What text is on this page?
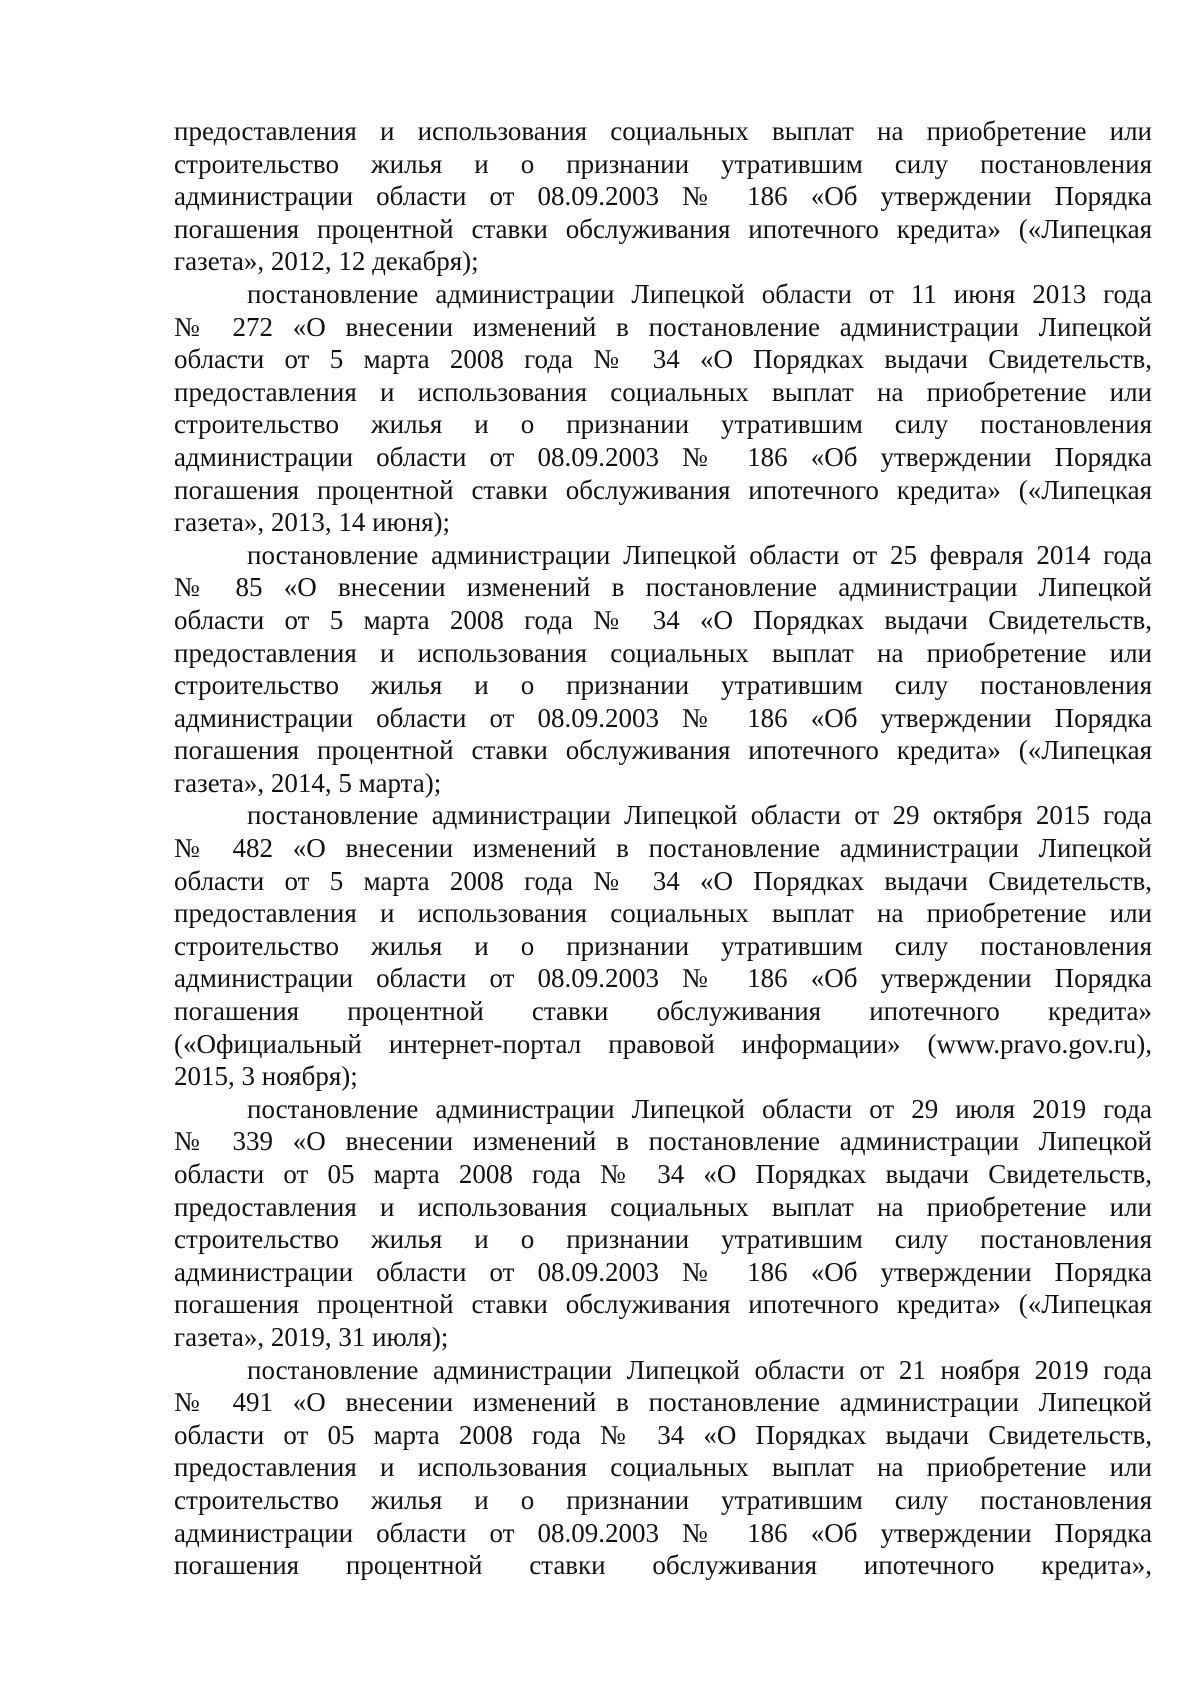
предоставления и использования социальных выплат на приобретение или
строительство жилья и о признании утратившим силу постановления
администрации области от 08.09.2003 № 186 «Об утверждении Порядка
погашения процентной ставки обслуживания ипотечного кредита» («Липецкая
газета», 2012, 12 декабря);
постановление администрации Липецкой области от 11 июня 2013 года
№ 272 «О внесении изменений в постановление администрации Липецкой
области от 5 марта 2008 года № 34 «О Порядках выдачи Свидетельств,
предоставления и использования социальных выплат на приобретение или
строительство жилья и о признании утратившим силу постановления
администрации области от 08.09.2003 № 186 «Об утверждении Порядка
погашения процентной ставки обслуживания ипотечного кредита» («Липецкая
газета», 2013, 14 июня);
постановление администрации Липецкой области от 25 февраля 2014 года
№ 85 «О внесении изменений в постановление администрации Липецкой
области от 5 марта 2008 года № 34 «О Порядках выдачи Свидетельств,
предоставления и использования социальных выплат на приобретение или
строительство жилья и о признании утратившим силу постановления
администрации области от 08.09.2003 № 186 «Об утверждении Порядка
погашения процентной ставки обслуживания ипотечного кредита» («Липецкая
газета», 2014, 5 марта);
постановление администрации Липецкой области от 29 октября 2015 года
№ 482 «О внесении изменений в постановление администрации Липецкой
области от 5 марта 2008 года № 34 «О Порядках выдачи Свидетельств,
предоставления и использования социальных выплат на приобретение или
строительство жилья и о признании утратившим силу постановления
администрации области от 08.09.2003 № 186 «Об утверждении Порядка
погашения процентной ставки обслуживания ипотечного кредита»
(«Официальный интернет-портал правовой информации» (www.pravo.gov.ru),
2015, 3 ноября);
постановление администрации Липецкой области от 29 июля 2019 года
№ 339 «О внесении изменений в постановление администрации Липецкой
области от 05 марта 2008 года № 34 «О Порядках выдачи Свидетельств,
предоставления и использования социальных выплат на приобретение или
строительство жилья и о признании утратившим силу постановления
администрации области от 08.09.2003 № 186 «Об утверждении Порядка
погашения процентной ставки обслуживания ипотечного кредита» («Липецкая
газета», 2019, 31 июля);
постановление администрации Липецкой области от 21 ноября 2019 года
№ 491 «О внесении изменений в постановление администрации Липецкой
области от 05 марта 2008 года № 34 «О Порядках выдачи Свидетельств,
предоставления и использования социальных выплат на приобретение или
строительство жилья и о признании утратившим силу постановления
администрации области от 08.09.2003 № 186 «Об утверждении Порядка
погашения процентной ставки обслуживания ипотечного кредита»,
